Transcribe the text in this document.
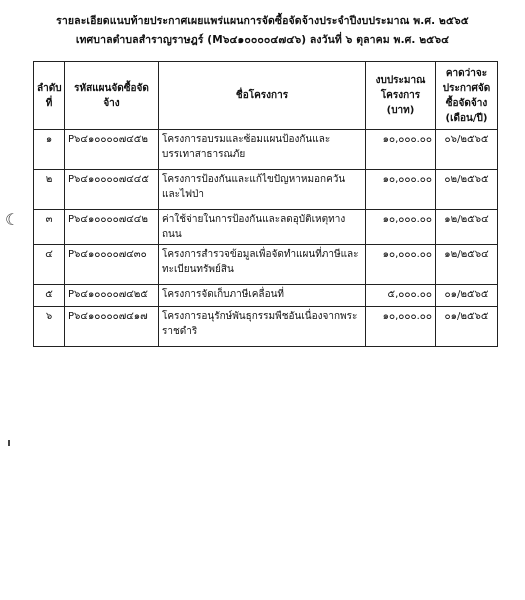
รายละเอียดแนบท้ายประกาศเผยแพร่แผนการจัดซื้อจัดจ้างประจำปีงบประมาณ พ.ศ. ๒๕๖๕
เทศบาลตำบลสำราญราษฎร์ (M๖๔๑๐๐๐๐๔๗๔๖) ลงวันที่ ๖ ตุลาคม พ.ศ. ๒๕๖๔
ลำดับที่	รหัสแผนจัดซื้อจัดจ้าง	ชื่อโครงการ	งบประมาณโครงการ (บาท)	คาดว่าจะประกาศจัดซื้อจัดจ้าง (เดือน/ปี)
๑	P๖๔๑๐๐๐๐๗๔๕๒	โครงการอบรมและซ้อมแผนป้องกันและบรรเทาสาธารณภัย	๑๐,๐๐๐.๐๐	๐๖/๒๕๖๕
๒	P๖๔๑๐๐๐๐๗๔๔๕	โครงการป้องกันและแก้ไขปัญหาหมอกควันและไฟป่า	๑๐,๐๐๐.๐๐	๐๒/๒๕๖๕
๓	P๖๔๑๐๐๐๐๗๔๔๒	ค่าใช้จ่ายในการป้องกันและลดอุบัติเหตุทางถนน	๑๐,๐๐๐.๐๐	๑๒/๒๕๖๔
๔	P๖๔๑๐๐๐๐๗๔๓๐	โครงการสำรวจข้อมูลเพื่อจัดทำแผนที่ภาษีและทะเบียนทรัพย์สิน	๑๐,๐๐๐.๐๐	๑๒/๒๕๖๔
๕	P๖๔๑๐๐๐๐๗๔๒๕	โครงการจัดเก็บภาษีเคลื่อนที่	๕,๐๐๐.๐๐	๐๑/๒๕๖๕
๖	P๖๔๑๐๐๐๐๗๔๑๗	โครงการอนุรักษ์พันธุกรรมพืชอันเนื่องจากพระราชดำริ	๑๐,๐๐๐.๐๐	๐๑/๒๕๖๕
☾
